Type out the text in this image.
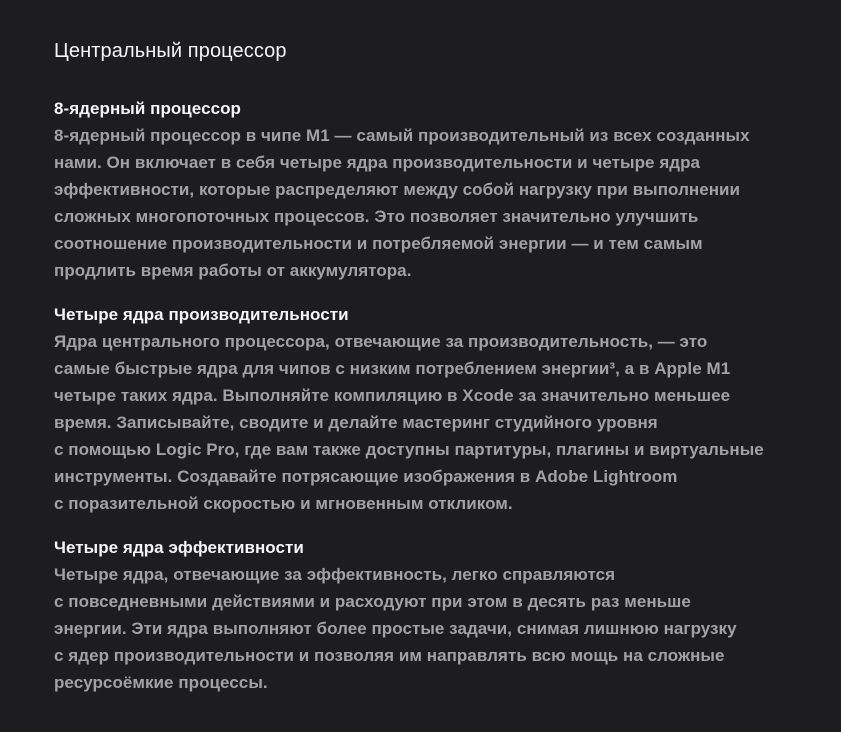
Центральный процессор
8-ядерный процессор

8-ядерный процессор в чипе M1 — самый производительный из всех созданных
нами. Он включает в себя четыре ядра производительности и четыре ядра
эффективности, которые распределяют между собой нагрузку при выполнении
сложных многопоточных процессов. Это позволяет значительно улучшить
соотношение производительности и потребляемой энергии — и тем самым
продлить время работы от аккумулятора.

Четыре ядра производительности

Ядра центрального процессора, отвечающие за производительность, — это
самые быстрые ядра для чипов с низким потреблением энергии³, а в Apple M1
четыре таких ядра. Выполняйте компиляцию в Xcode за значительно меньшее
время. Записывайте, сводите и делайте мастеринг студийного уровня
с помощью Logic Pro, где вам также доступны партитуры, плагины и виртуальные
инструменты. Создавайте потрясающие изображения в Adobe Lightroom
с поразительной скоростью и мгновенным откликом.

Четыре ядра эффективности

Четыре ядра, отвечающие за эффективность, легко справляются
с повседневными действиями и расходуют при этом в десять раз меньше
энергии. Эти ядра выполняют более простые задачи, снимая лишнюю нагрузку
с ядер производительности и позволяя им направлять всю мощь на сложные
ресурсоёмкие процессы.
